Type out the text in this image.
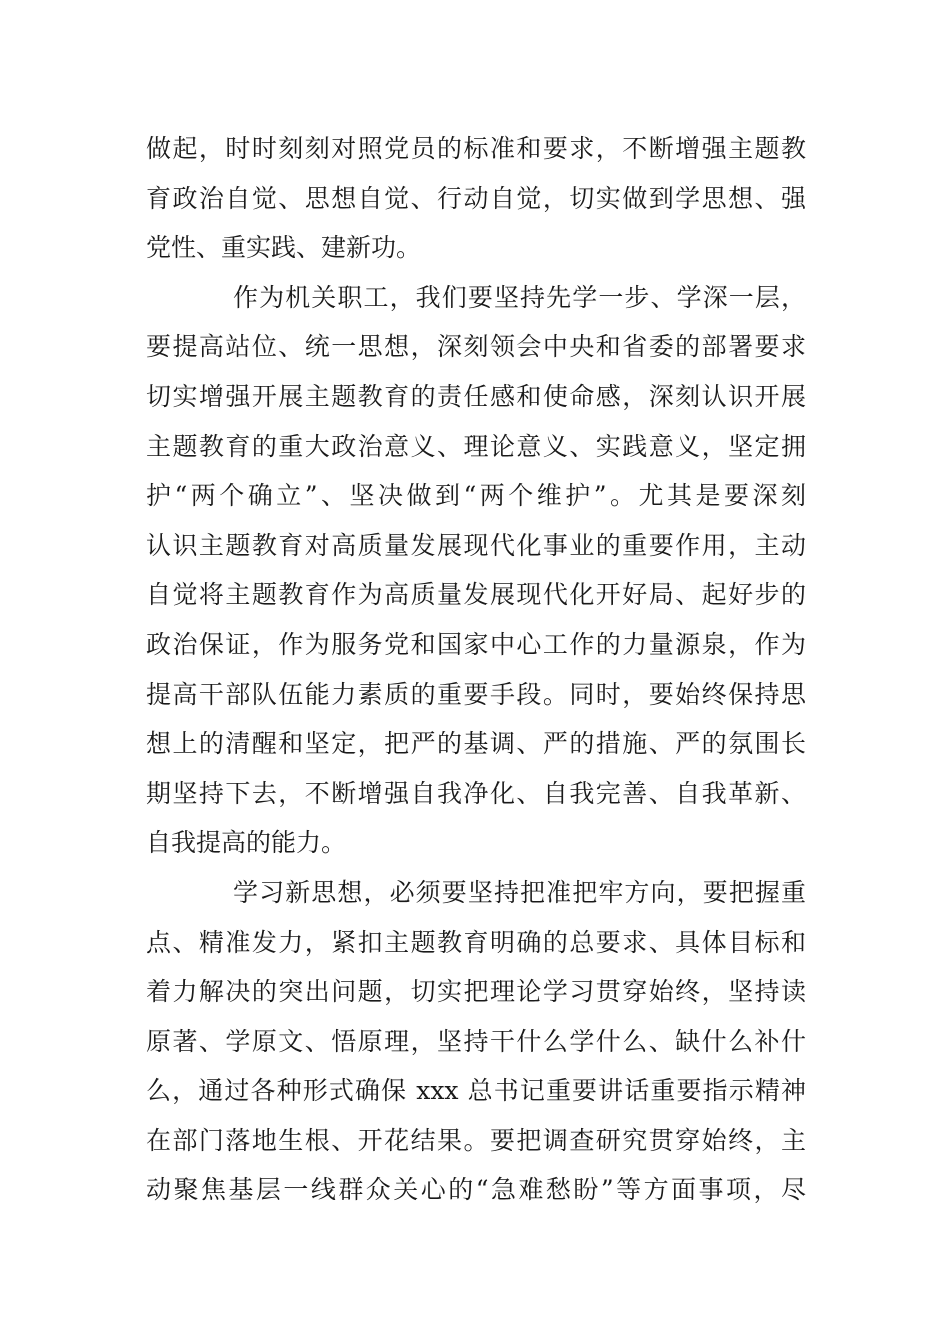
做起，时时刻刻对照党员的标准和要求，不断增强主题教
育政治自觉、思想自觉、行动自觉，切实做到学思想、强
党性、重实践、建新功。
作为机关职工，我们要坚持先学一步、学深一层，
要提高站位、统一思想，深刻领会中央和省委的部署要求
切实增强开展主题教育的责任感和使命感，深刻认识开展
主题教育的重大政治意义、理论意义、实践意义，坚定拥
护“两个确立”、坚决做到“两个维护”。尤其是要深刻
认识主题教育对高质量发展现代化事业的重要作用，主动
自觉将主题教育作为高质量发展现代化开好局、起好步的
政治保证，作为服务党和国家中心工作的力量源泉，作为
提高干部队伍能力素质的重要手段。同时，要始终保持思
想上的清醒和坚定，把严的基调、严的措施、严的氛围长
期坚持下去，不断增强自我净化、自我完善、自我革新、
自我提高的能力。
学习新思想，必须要坚持把准把牢方向，要把握重
点、精准发力，紧扣主题教育明确的总要求、具体目标和
着力解决的突出问题，切实把理论学习贯穿始终，坚持读
原著、学原文、悟原理，坚持干什么学什么、缺什么补什
么，通过各种形式确保 xxx 总书记重要讲话重要指示精神
在部门落地生根、开花结果。要把调查研究贯穿始终，主
动聚焦基层一线群众关心的“急难愁盼”等方面事项，尽
